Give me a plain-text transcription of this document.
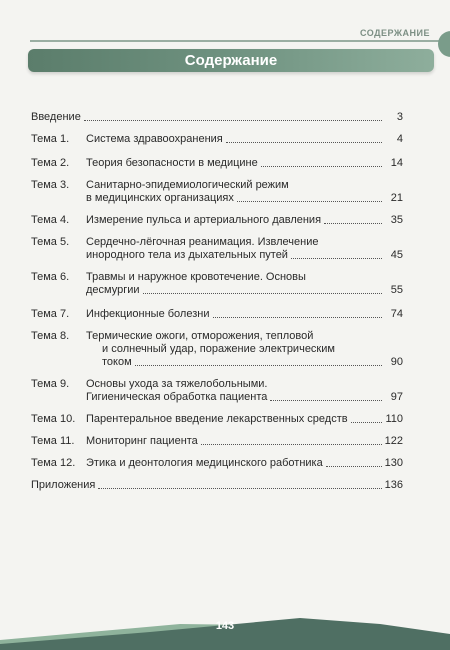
СОДЕРЖАНИЕ
Содержание
Введение	3
Тема 1.	Система здравоохранения	4
Тема 2.	Теория безопасности в медицине	14
Тема 3.	Санитарно-эпидемиологический режим
в медицинских организациях	21
Тема 4.	Измерение пульса и артериального давления	35
Тема 5.	Сердечно-лёгочная реанимация. Извлечение
инородного тела из дыхательных путей	45
Тема 6.	Травмы и наружное кровотечение. Основы
десмургии	55
Тема 7.	Инфекционные болезни	74
Тема 8.	Термические ожоги, отморожения, тепловой
и солнечный удар, поражение электрическим
током	90
Тема 9.	Основы ухода за тяжелобольными.
Гигиеническая обработка пациента	97
Тема 10. Парентеральное введение лекарственных средств	110
Тема 11.	Мониторинг пациента	122
Тема 12. Этика и деонтология медицинского работника	130
Приложения	136
143
